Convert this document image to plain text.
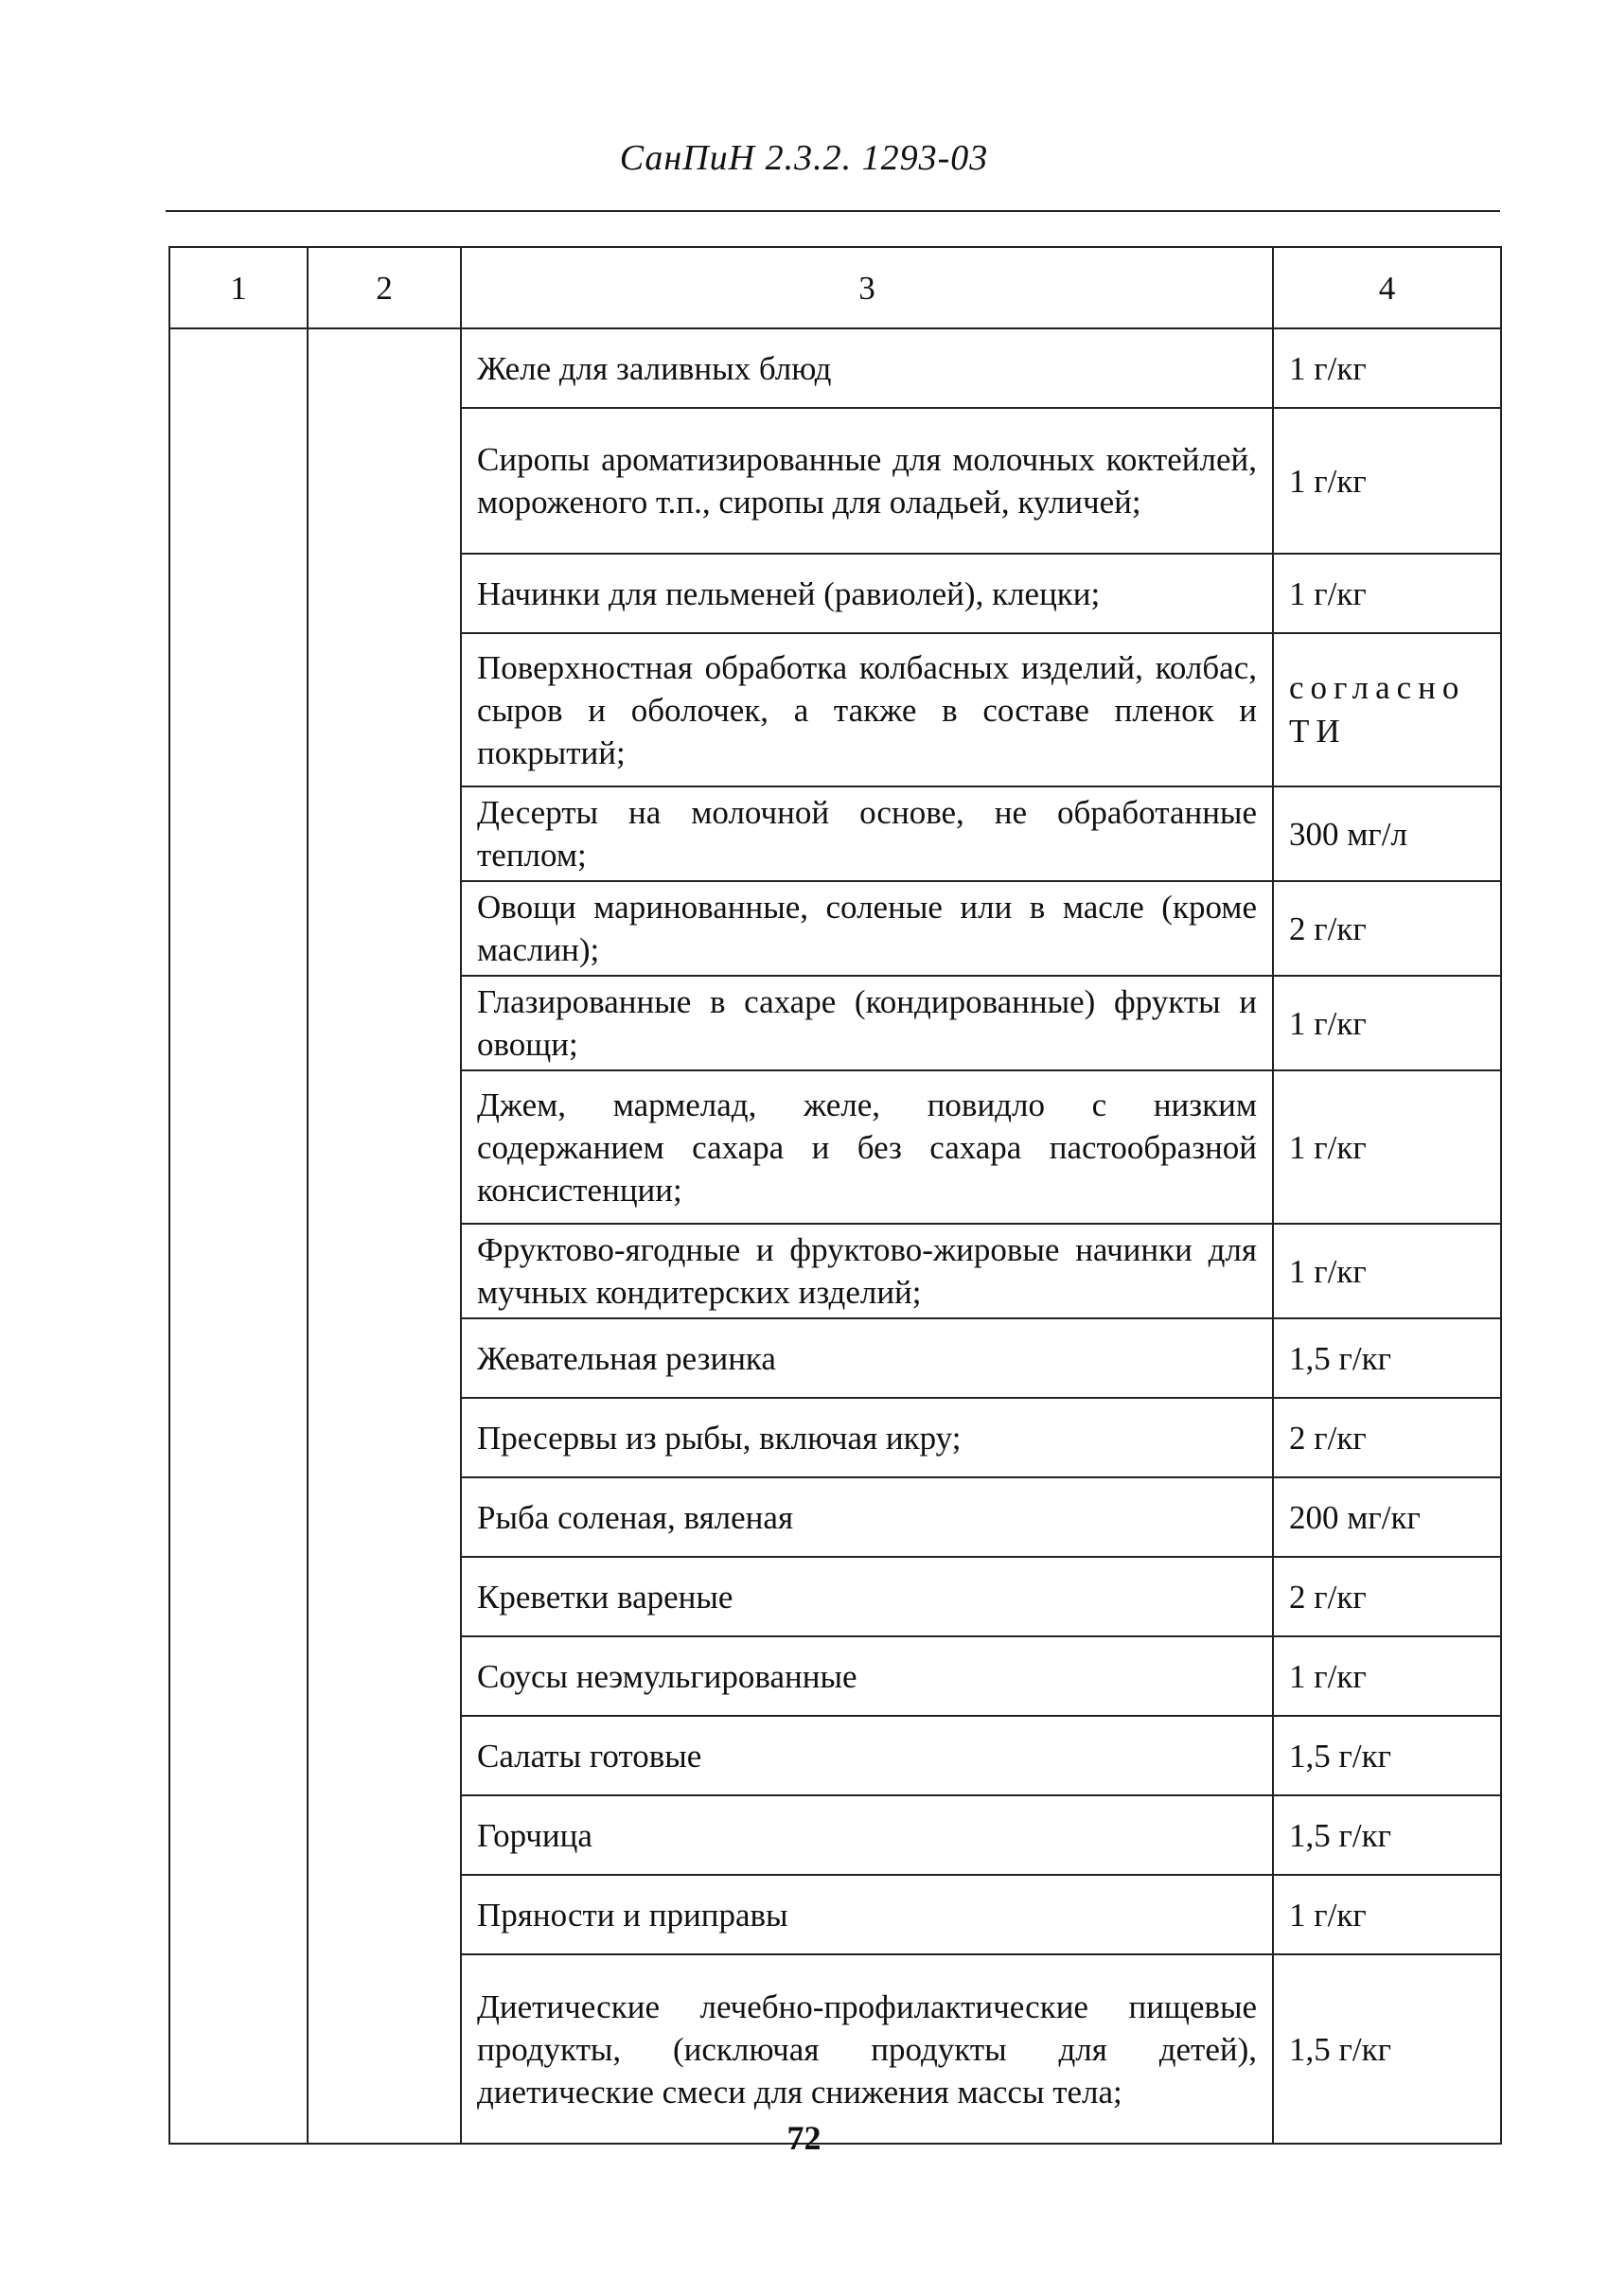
СанПиН 2.3.2. 1293-03
1	2	3	4
		Желе для заливных блюд	1 г/кг
		Сиропы ароматизированные для молочных коктейлей, мороженого т.п., сиропы для оладьей, куличей;	1 г/кг
		Начинки для пельменей (равиолей), клецки;	1 г/кг
		Поверхностная обработка колбасных изделий, колбас, сыров и оболочек, а также в составе пленок и покрытий;	согласно ТИ
		Десерты на молочной основе, не обработанные теплом;	300 мг/л
		Овощи маринованные, соленые или в масле (кроме маслин);	2 г/кг
		Глазированные в сахаре (кондированные) фрукты и овощи;	1 г/кг
		Джем, мармелад, желе, повидло с низким содержанием сахара и без сахара пастообразной консистенции;	1 г/кг
		Фруктово-ягодные и фруктово-жировые начинки для мучных кондитерских изделий;	1 г/кг
		Жевательная резинка	1,5 г/кг
		Пресервы из рыбы, включая икру;	2 г/кг
		Рыба соленая, вяленая	200 мг/кг
		Креветки вареные	2 г/кг
		Соусы неэмульгированные	1 г/кг
		Салаты готовые	1,5 г/кг
		Горчица	1,5 г/кг
		Пряности и приправы	1 г/кг
		Диетические лечебно-профилактические пищевые продукты, (исключая продукты для детей), диетические смеси для снижения массы тела;	1,5 г/кг
72
